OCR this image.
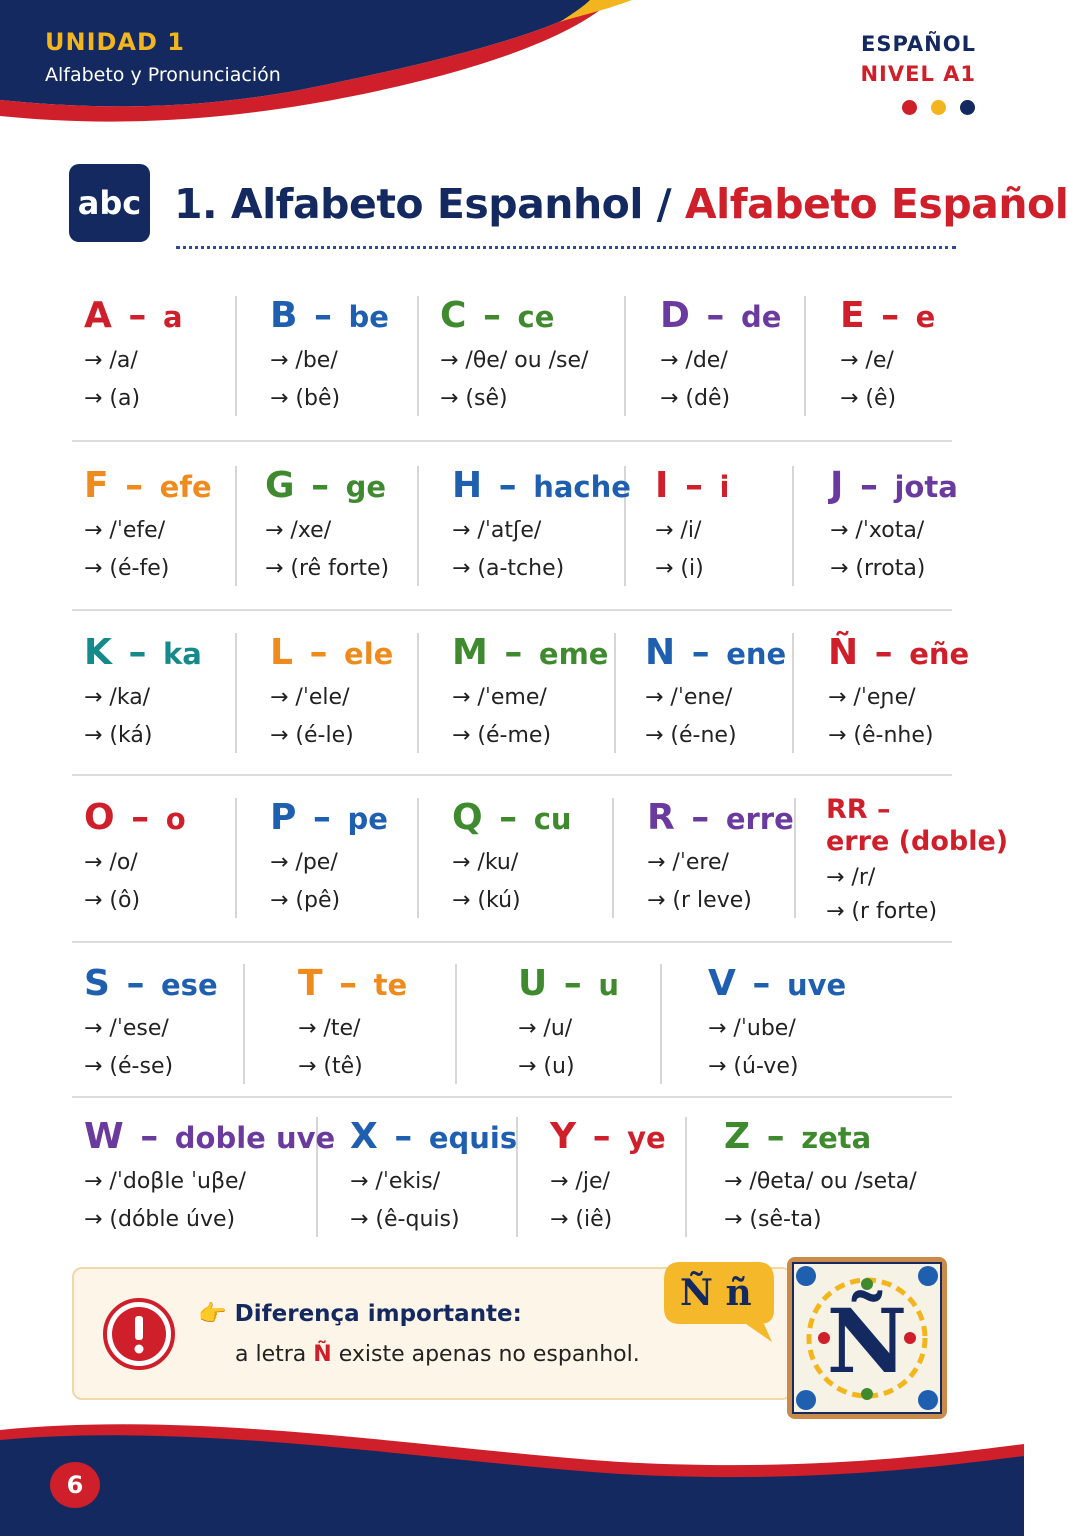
UNIDAD 1
Alfabeto y Pronunciación
ESPAÑOL
NIVEL A1
abc 1. Alfabeto Espanhol / Alfabeto Español
👉 Diferença importante:
a letra Ñ existe apenas no espanhol.
Ñ ñ Ñ
6
A – a
→ /a/
→ (a)
B – be
→ /be/
→ (bê)
C – ce
→ /θe/ ou /se/
→ (sê)
D – de
→ /de/
→ (dê)
E – e
→ /e/
→ (ê)
F – efe
→ /ˈefe/
→ (é-fe)
G – ge
→ /xe/
→ (rê forte)
H – hache
→ /ˈatʃe/
→ (a-tche)
I – i
→ /i/
→ (i)
J – jota
→ /ˈxota/
→ (rrota)
K – ka
→ /ka/
→ (ká)
L – ele
→ /ˈele/
→ (é-le)
M – eme
→ /ˈeme/
→ (é-me)
N – ene
→ /ˈene/
→ (é-ne)
Ñ – eñe
→ /ˈeɲe/
→ (ê-nhe)
O – o
→ /o/
→ (ô)
P – pe
→ /pe/
→ (pê)
Q – cu
→ /ku/
→ (kú)
R – erre
→ /ˈere/
→ (r leve)
RR –
erre (doble)
→ /r/
→ (r forte)
S – ese
→ /ˈese/
→ (é-se)
T – te
→ /te/
→ (tê)
U – u
→ /u/
→ (u)
V – uve
→ /ˈube/
→ (ú-ve)
W – doble uve
→ /ˈdoβle ˈuβe/
→ (dóble úve)
X – equis
→ /ˈekis/
→ (ê-quis)
Y – ye
→ /je/
→ (iê)
Z – zeta
→ /θeta/ ou /seta/
→ (sê-ta)
